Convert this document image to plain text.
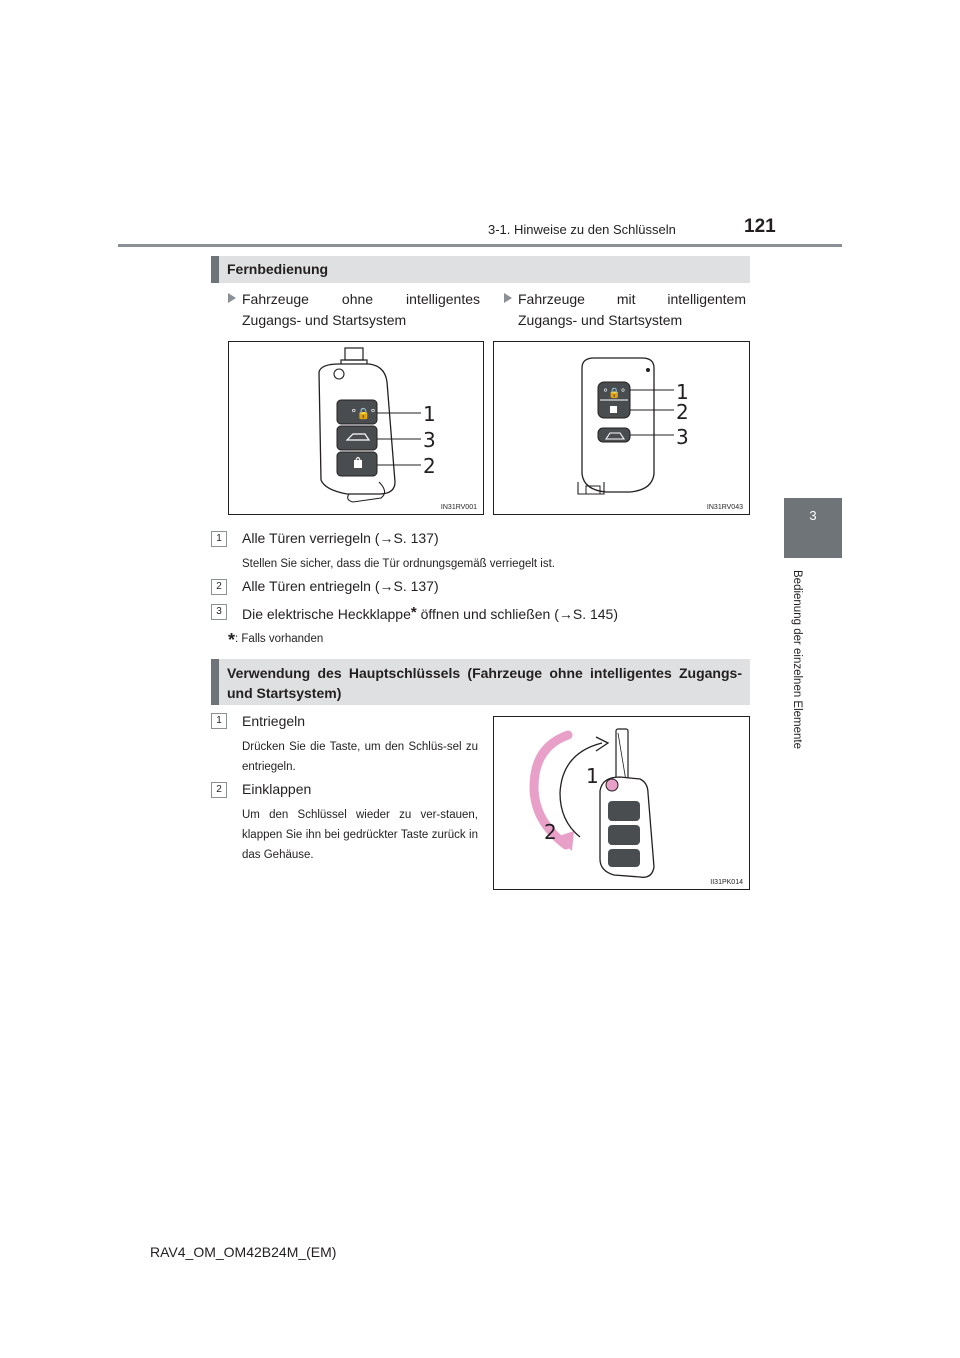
3-1. Hinweise zu den Schlüsseln	121
3
Bedienung der einzelnen Elemente
Fernbedienung
Fahrzeuge ohne intelligentes Zugangs- und Startsystem
Fahrzeuge mit intelligentem Zugangs- und Startsystem
°🔒° 1
3
2
IN31RV001
°🔒°	1
2
3
IN31RV043
1	Alle Türen verriegeln (→S. 137)
Stellen Sie sicher, dass die Tür ordnungsgemäß verriegelt ist.
2	Alle Türen entriegeln (→S. 137)
3	Die elektrische Heckklappe* öffnen und schließen (→S. 145)
*: Falls vorhanden
Verwendung des Hauptschlüssels (Fahrzeuge ohne intelligentes Zugangs- und Startsystem)
1
2
II31PK014
1	Entriegeln
Drücken Sie die Taste, um den Schlüs-sel zu entriegeln.
2	Einklappen
Um den Schlüssel wieder zu ver-stauen, klappen Sie ihn bei gedrückter Taste zurück in das Gehäuse.
RAV4_OM_OM42B24M_(EM)
